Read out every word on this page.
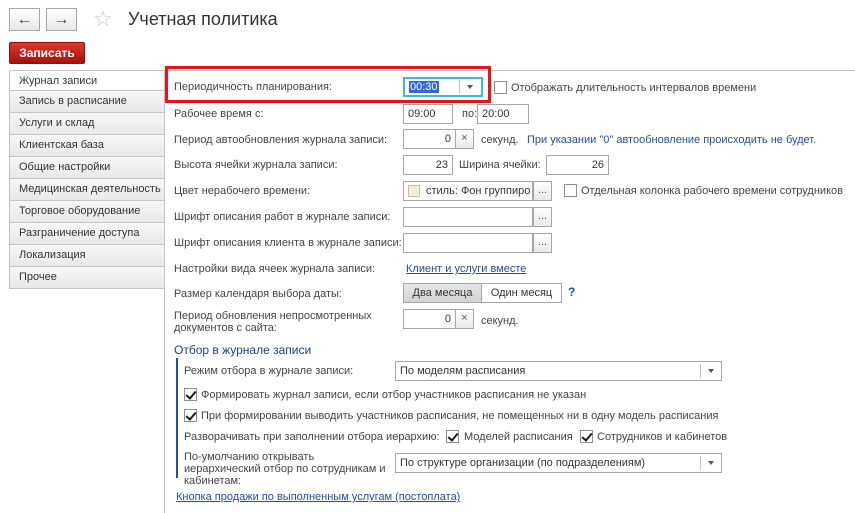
← → ☆ Учетная политика
Записать
Журнал записи
Запись в расписание
Услуги и склад
Клиентская база
Общие настройки
Медицинская деятельность
Торговое оборудование
Разграничение доступа
Локализация
Прочее
Периодичность планирования:	00:30	Отображать длительность интервалов времени
Рабочее время с:	09:00	по: 20:00
Период автообновления журнала записи:	0 ×	секунд. При указании "0" автообновление происходить не будет.
Высота ячейки журнала записи:	23	Ширина ячейки:	26
Цвет нерабочего времени:	стиль: Фон группиро ...	Отдельная колонка рабочего времени сотрудников
Шрифт описания работ в журнале записи:	...
Шрифт описания клиента в журнале записи:	...
Настройки вида ячеек журнала записи:	Клиент и услуги вместе
Размер календаря выбора даты:	Два месяца	Один месяц	?
Период обновления непросмотренных документов с сайта:
0 ×	секунд.
Отбор в журнале записи
Режим отбора в журнале записи:	По моделям расписания
Формировать журнал записи, если отбор участников расписания не указан
При формировании выводить участников расписания, не помещенных ни в одну модель расписания
Разворачивать при заполнении отбора иерархию: Моделей расписания Сотрудников и кабинетов
По-умолчанию открывать иерархический отбор по сотрудникам и кабинетам:
По структуре организации (по подразделениям)
Кнопка продажи по выполненным услугам (постоплата)
